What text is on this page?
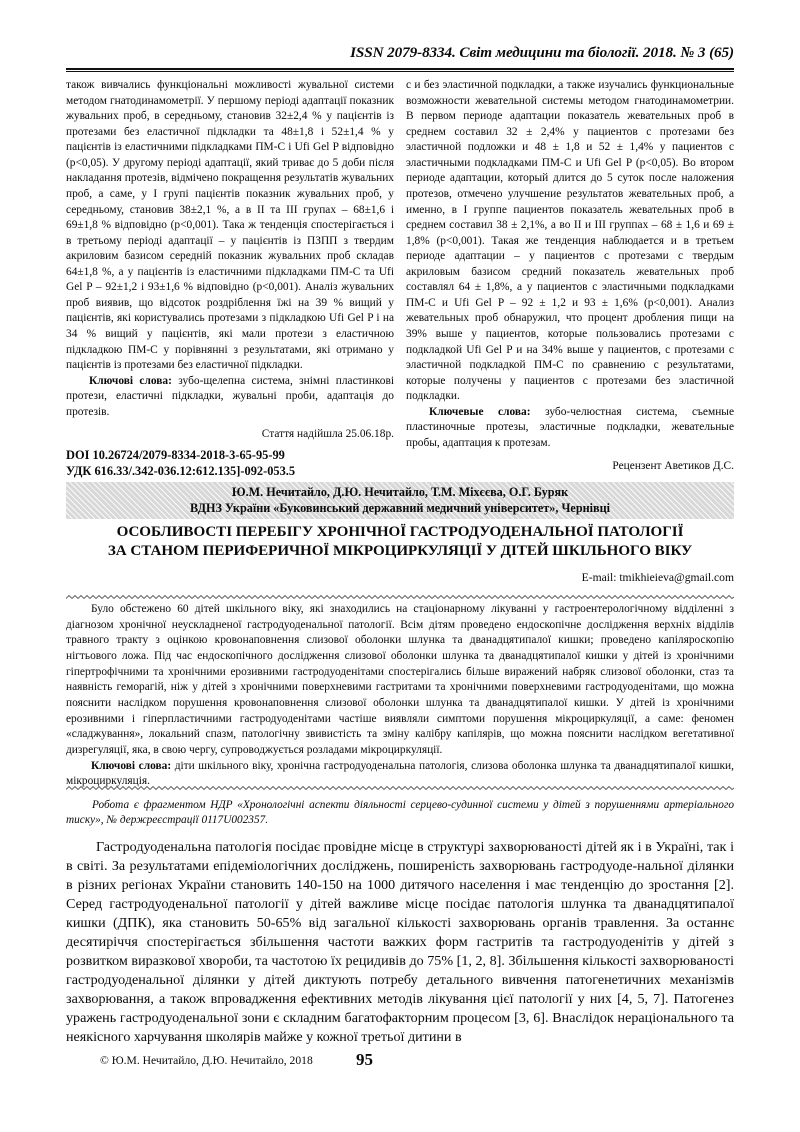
ISSN 2079-8334. Світ медицини та біології. 2018. № 3 (65)

також вивчались функціональні можливості жувальної системи методом гнатодинамометрії. У першому періоді адаптації показник жувальних проб, в середньому, становив 32±2,4 % у пацієнтів із протезами без еластичної підкладки та 48±1,8 і 52±1,4 % у пацієнтів із еластичними підкладками ПМ-С і Ufi Gel P відповідно (р<0,05). У другому періоді адаптації, який триває до 5 доби після накладання протезів, відмічено покращення результатів жувальних проб, а саме, у I групі пацієнтів показник жувальних проб, у середньому, становив 38±2,1 %, а в II та III групах – 68±1,6 і 69±1,8 % відповідно (р<0,001). Така ж тенденція спостерігається і в третьому періоді адаптації – у пацієнтів із ПЗПП з твердим акриловим базисом середній показник жувальних проб складав 64±1,8 %, а у пацієнтів із еластичними підкладками ПМ-С та Ufi Gel P – 92±1,2 і 93±1,6 % відповідно (р<0,001). Аналіз жувальних проб виявив, що відсоток роздріблення їжі на 39 % вищий у пацієнтів, які користувались протезами з підкладкою Ufi Gel P і на 34 % вищий у пацієнтів, які мали протези з еластичною підкладкою ПМ-С у порівнянні з результатами, які отримано у пацієнтів із протезами без еластичної підкладки.

Ключові слова: зубо-щелепна система, знімні пластинкові протези, еластичні підкладки, жувальні проби, адаптація до протезів.

Стаття надійшла 25.06.18р.

с и без эластичной подкладки, а также изучались функциональные возможности жевательной системы методом гнатодинамометрии. В первом периоде адаптации показатель жевательных проб в среднем составил 32 ± 2,4% у пациентов с протезами без эластичной подложки и 48 ± 1,8 и 52 ± 1,4% у пациентов с эластичными подкладками ПМ-С и Ufi Gel P (p<0,05). Во втором периоде адаптации, который длится до 5 суток после наложения протезов, отмечено улучшение результатов жевательных проб, а именно, в I группе пациентов показатель жевательных проб в среднем составил 38 ± 2,1%, а во II и III группах – 68 ± 1,6 и 69 ± 1,8% (p<0,001). Такая же тенденция наблюдается и в третьем периоде адаптации – у пациентов с протезами с твердым акриловым базисом средний показатель жевательных проб составлял 64 ± 1,8%, а у пациентов с эластичными подкладками ПМ-С и Ufi Gel P – 92 ± 1,2 и 93 ± 1,6% (p<0,001). Анализ жевательных проб обнаружил, что процент дробления пищи на 39% выше у пациентов, которые пользовались протезами с подкладкой Ufi Gel P и на 34% выше у пациентов, с протезами с эластичной подкладкой ПМ-С по сравнению с результатами, которые получены у пациентов с протезами без эластичной подкладки.

Ключевые слова: зубо-челюстная система, съемные пластиночные протезы, эластичные подкладки, жевательные пробы, адаптация к протезам.

Рецензент Аветиков Д.С.

DOI 10.26724/2079-8334-2018-3-65-95-99
УДК 616.33/.342-036.12:612.135]-092-053.5
Ю.М. Нечитайло, Д.Ю. Нечитайло, Т.М. Міхєєва, О.Г. Буряк
ВДНЗ України «Буковинський державний медичний університет», Чернівці
ОСОБЛИВОСТІ ПЕРЕБІГУ ХРОНІЧНОЇ ГАСТРОДУОДЕНАЛЬНОЇ ПАТОЛОГІЇ
ЗА СТАНОМ ПЕРИФЕРИЧНОЇ МІКРОЦИРКУЛЯЦІЇ У ДІТЕЙ ШКІЛЬНОГО ВІКУ
E-mail: tmikhieieva@gmail.com

Було обстежено 60 дітей шкільного віку, які знаходились на стаціонарному лікуванні у гастроентерологічному відділенні з діагнозом хронічної неускладненої гастродуоденальної патології. Всім дітям проведено ендоскопічне дослідження верхніх відділів травного тракту з оцінкою кровонаповнення слизової оболонки шлунка та дванадцятипалої кишки; проведено капіляроскопію нігтьового ложа. Під час ендоскопічного дослідження слизової оболонки шлунка та дванадцятипалої кишки у дітей із хронічними гіпертрофічними та хронічними ерозивними гастродуоденітами спостерігались більше виражений набряк слизової оболонки, стаз та наявність геморагій, ніж у дітей з хронічними поверхневими гастритами та хронічними поверхневими гастродуоденітами, що можна пояснити наслідком порушення кровонаповнення слизової оболонки шлунка та дванадцятипалої кишки. У дітей із хронічними ерозивними і гіперпластичними гастродуоденітами частіше виявляли симптоми порушення мікроциркуляції, а саме: феномен «сладжування», локальний спазм, патологічну звивистість та зміну калібру капілярів, що можна пояснити наслідком вегетативної дизрегуляції, яка, в свою чергу, супроводжується розладами мікроциркуляції.

Ключові слова: діти шкільного віку, хронічна гастродуоденальна патологія, слизова оболонка шлунка та дванадцятипалої кишки, мікроциркуляція.

Робота є фрагментом НДР «Хронологічні аспекти діяльності серцево-судинної системи у дітей з порушеннями артеріального тиску», № держреєстрації 0117U002357.
Гастродуоденальна патологія посідає провідне місце в структурі захворюваності дітей як і в Україні, так і в світі. За результатами епідеміологічних досліджень, поширеність захворювань гастродуоде-нальної ділянки в різних регіонах України становить 140-150 на 1000 дитячого населення і має тенденцію до зростання [2]. Серед гастродуоденальної патології у дітей важливе місце посідає патологія шлунка та дванадцятипалої кишки (ДПК), яка становить 50-65% від загальної кількості захворювань органів травлення. За останнє десятиріччя спостерігається збільшення частоти важких форм гастритів та гастродуоденітів у дітей з розвитком виразкової хвороби, та частотою їх рецидивів до 75% [1, 2, 8]. Збільшення кількості захворюваності гастродуоденальної ділянки у дітей диктують потребу детального вивчення патогенетичних механізмів захворювання, а також впровадження ефективних методів лікування цієї патології у них [4, 5, 7]. Патогенез уражень гастродуоденальної зони є складним багатофакторним процесом [3, 6]. Внаслідок нераціонального та неякісного харчування школярів майже у кожної третьої дитини в
© Ю.М. Нечитайло, Д.Ю. Нечитайло, 2018	95
